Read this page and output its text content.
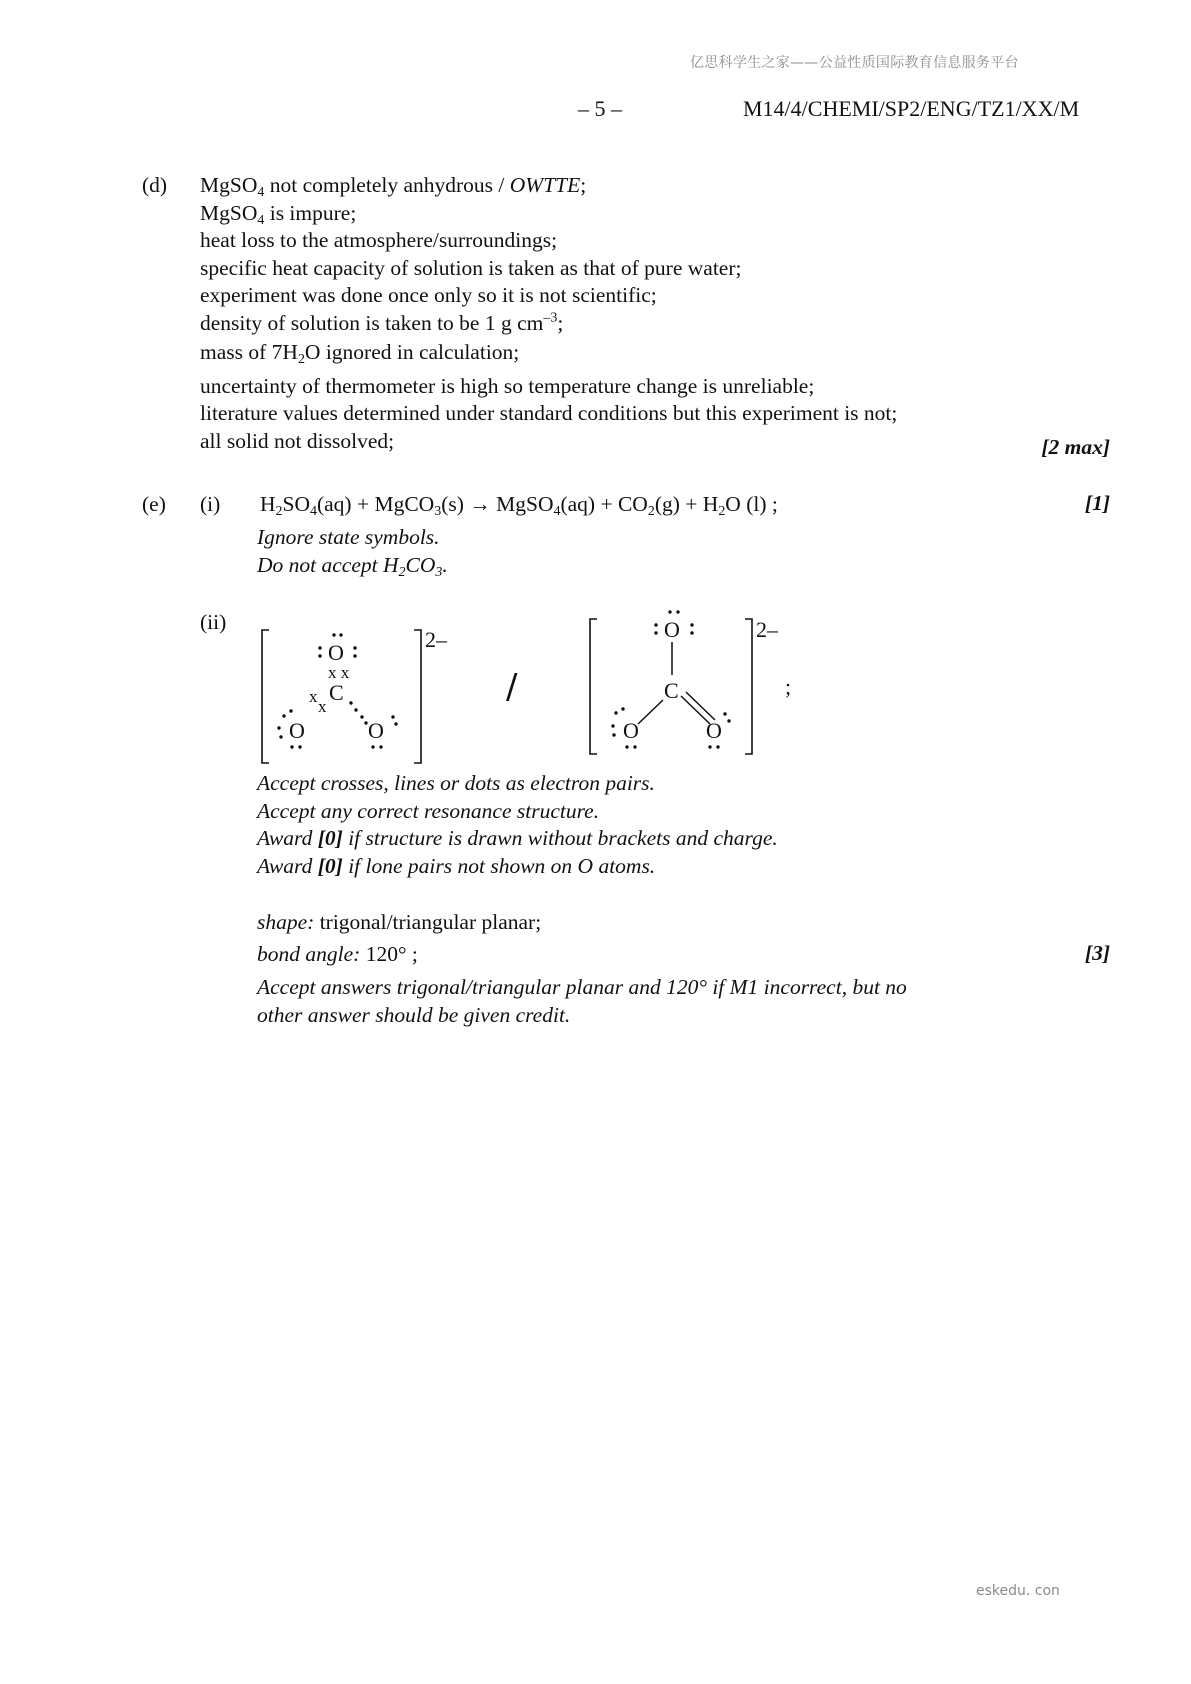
亿思科学生之家——公益性质国际教育信息服务平台
eskedu. con
– 5 –	M14/4/CHEMI/SP2/ENG/TZ1/XX/M
(d) MgSO$_4$ not completely anhydrous / OWTTE;
MgSO$_4$ is impure;
heat loss to the atmosphere/surroundings;
specific heat capacity of solution is taken as that of pure water;
experiment was done once only so it is not scientific;
density of solution is taken to be 1 g $cm^{-3}$;
mass of $7H_2O$ ignored in calculation;
uncertainty of thermometer is high so temperature change is unreliable;
literature values determined under standard conditions but this experiment is not;
all solid not dissolved;	[2 max]
(e) (i) $H_2SO_4(aq)$ + MgCO$_3$(s) → MgSO$_4$(aq) + $CO_2(g) + H_2O$ (l) ;	[1]
Ignore state symbols.
Do not accept $H_2CO_3$.
(ii)
2–
O
x x
C
x
x
O	O
/
2–
O
C
O	O
;
Accept crosses, lines or dots as electron pairs.
Accept any correct resonance structure.
Award [0] if structure is drawn without brackets and charge.
Award [0] if lone pairs not shown on O atoms.
shape: trigonal/triangular planar;
bond angle: 120° ;	[3]
Accept answers trigonal/triangular planar and 120° if M1 incorrect, but no
other answer should be given credit.
